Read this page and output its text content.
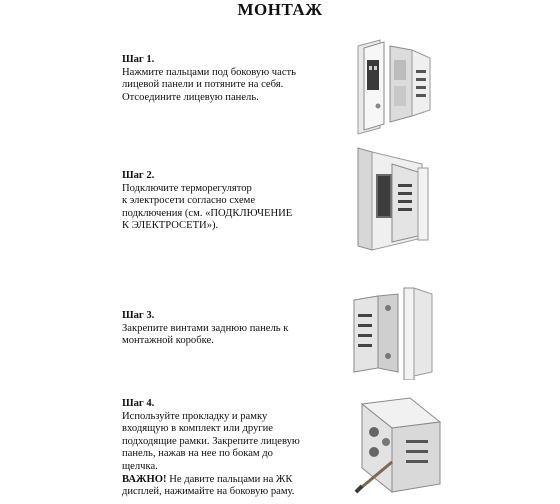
МОНТАЖ
Шаг 1.

Нажмите пальцами под боковую часть

лицевой панели и потяните на себя.

Отсоедините лицевую панель.

Шаг 2.

Подключите терморегулятор

к электросети согласно схеме

подключения (см. «ПОДКЛЮЧЕНИЕ

К ЭЛЕКТРОСЕТИ»).

Шаг 3.

Закрепите винтами заднюю панель к

монтажной коробке.

Шаг 4.

Используйте прокладку и рамку

входящую в комплект или другие

подходящие рамки. Закрепите лицевую

панель, нажав на нее по бокам до

щелчка.

ВАЖНО! Не давите пальцами на ЖК

дисплей, нажимайте на боковую раму.
